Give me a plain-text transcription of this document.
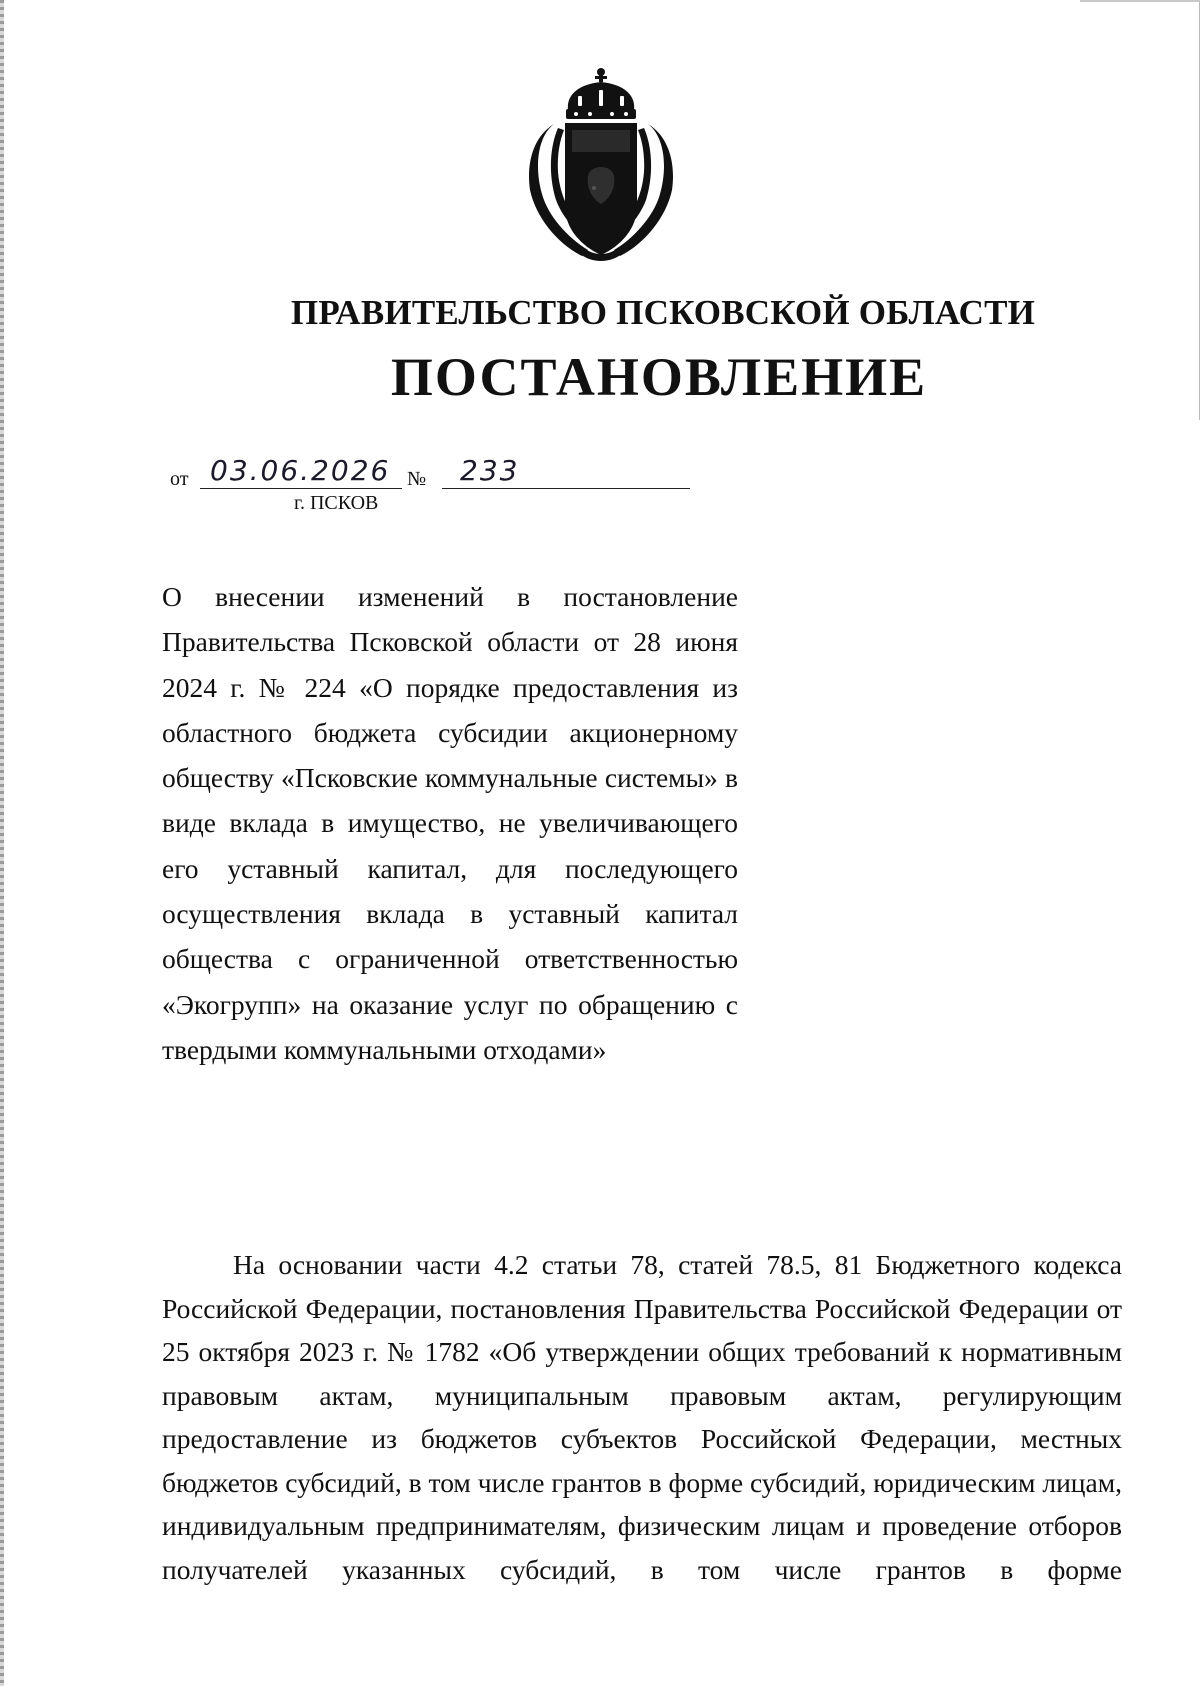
ПРАВИТЕЛЬСТВО ПСКОВСКОЙ ОБЛАСТИ
ПОСТАНОВЛЕНИЕ
от 03.06.2026 № 233

г. ПСКОВ

О внесении изменений в постановление Правительства Псковской области от 28 июня 2024 г. № 224 «О порядке предоставления из областного бюджета субсидии акционерному обществу «Псковские коммунальные системы» в виде вклада в имущество, не увеличивающего его уставный капитал, для последующего осуществления вклада в уставный капитал общества с ограниченной ответственностью «Экогрупп» на оказание услуг по обращению с твердыми коммунальными отходами»

На основании части 4.2 статьи 78, статей 78.5, 81 Бюджетного кодекса Российской Федерации, постановления Правительства Российской Федерации от 25 октября 2023 г. № 1782 «Об утверждении общих требований к нормативным правовым актам, муниципальным правовым актам, регулирующим предоставление из бюджетов субъектов Российской Федерации, местных бюджетов субсидий, в том числе грантов в форме субсидий, юридическим лицам, индивидуальным предпринимателям, физическим лицам и проведение отборов получателей указанных субсидий, в том числе грантов в форме
